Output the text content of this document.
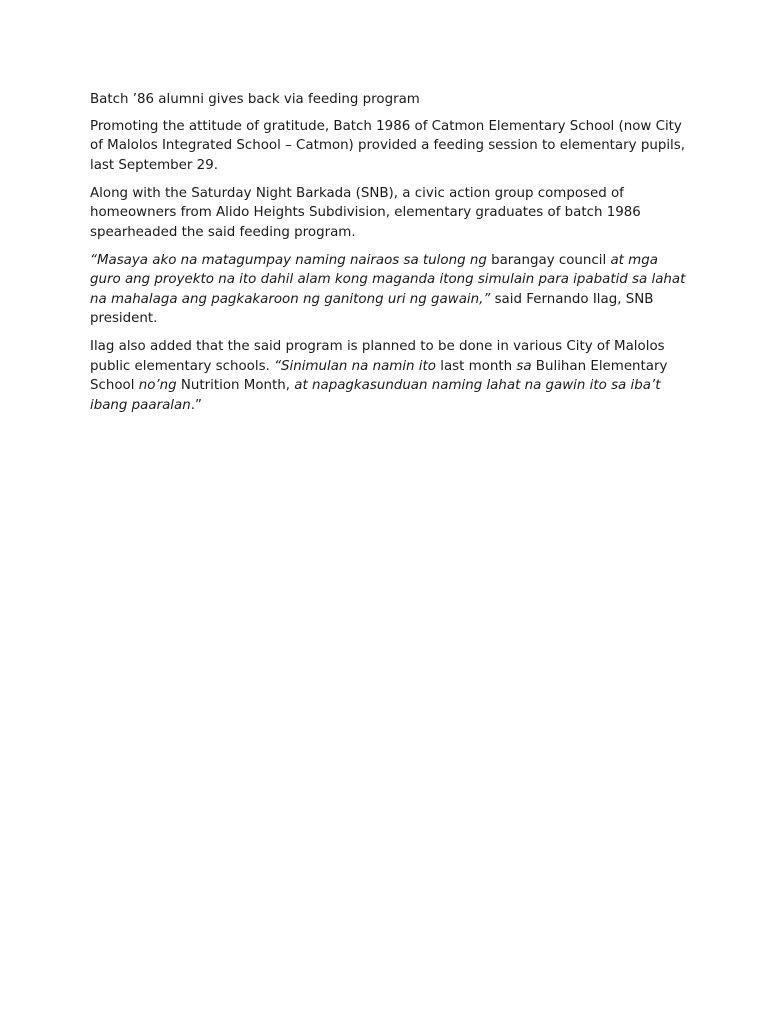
Batch ’86 alumni gives back via feeding program

Promoting the attitude of gratitude, Batch 1986 of Catmon Elementary School (now City of Malolos Integrated School – Catmon) provided a feeding session to elementary pupils, last September 29.

Along with the Saturday Night Barkada (SNB), a civic action group composed of homeowners from Alido Heights Subdivision, elementary graduates of batch 1986 spearheaded the said feeding program.

“Masaya ako na matagumpay naming nairaos sa tulong ng barangay council at mga guro ang proyekto na ito dahil alam kong maganda itong simulain para ipabatid sa lahat na mahalaga ang pagkakaroon ng ganitong uri ng gawain,” said Fernando Ilag, SNB president.

Ilag also added that the said program is planned to be done in various City of Malolos public elementary schools. “Sinimulan na namin ito last month sa Bulihan Elementary School no’ng Nutrition Month, at napagkasunduan naming lahat na gawin ito sa iba’t ibang paaralan.”
